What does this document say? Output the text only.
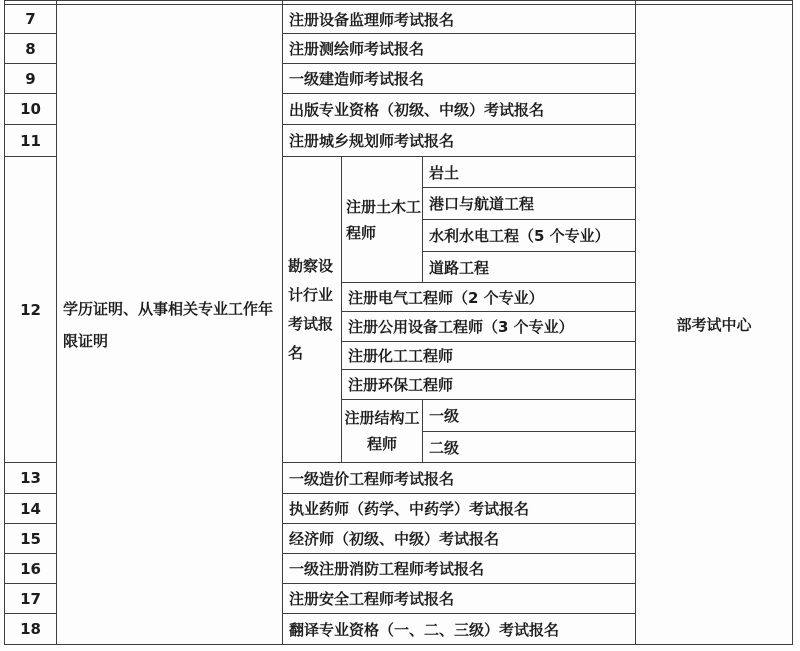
7	学历证明、从事相关专业工作年限证明	注册设备监理师考试报名			部考试中心
8		注册测绘师考试报名			
9		一级建造师考试报名			
10		出版专业资格（初级、中级）考试报名			
11		注册城乡规划师考试报名			
12		勘察设计行业考试报名	注册土木工程师	岩土	
				港口与航道工程	
				水利水电工程（5 个专业）	
				道路工程	
			注册电气工程师（2 个专业）		
			注册公用设备工程师（3 个专业）		
			注册化工工程师		
			注册环保工程师		
			注册结构工程师	一级	
				二级	
13		一级造价工程师考试报名			
14		执业药师（药学、中药学）考试报名			
15		经济师（初级、中级）考试报名			
16		一级注册消防工程师考试报名			
17		注册安全工程师考试报名			
18		翻译专业资格（一、二、三级）考试报名			
